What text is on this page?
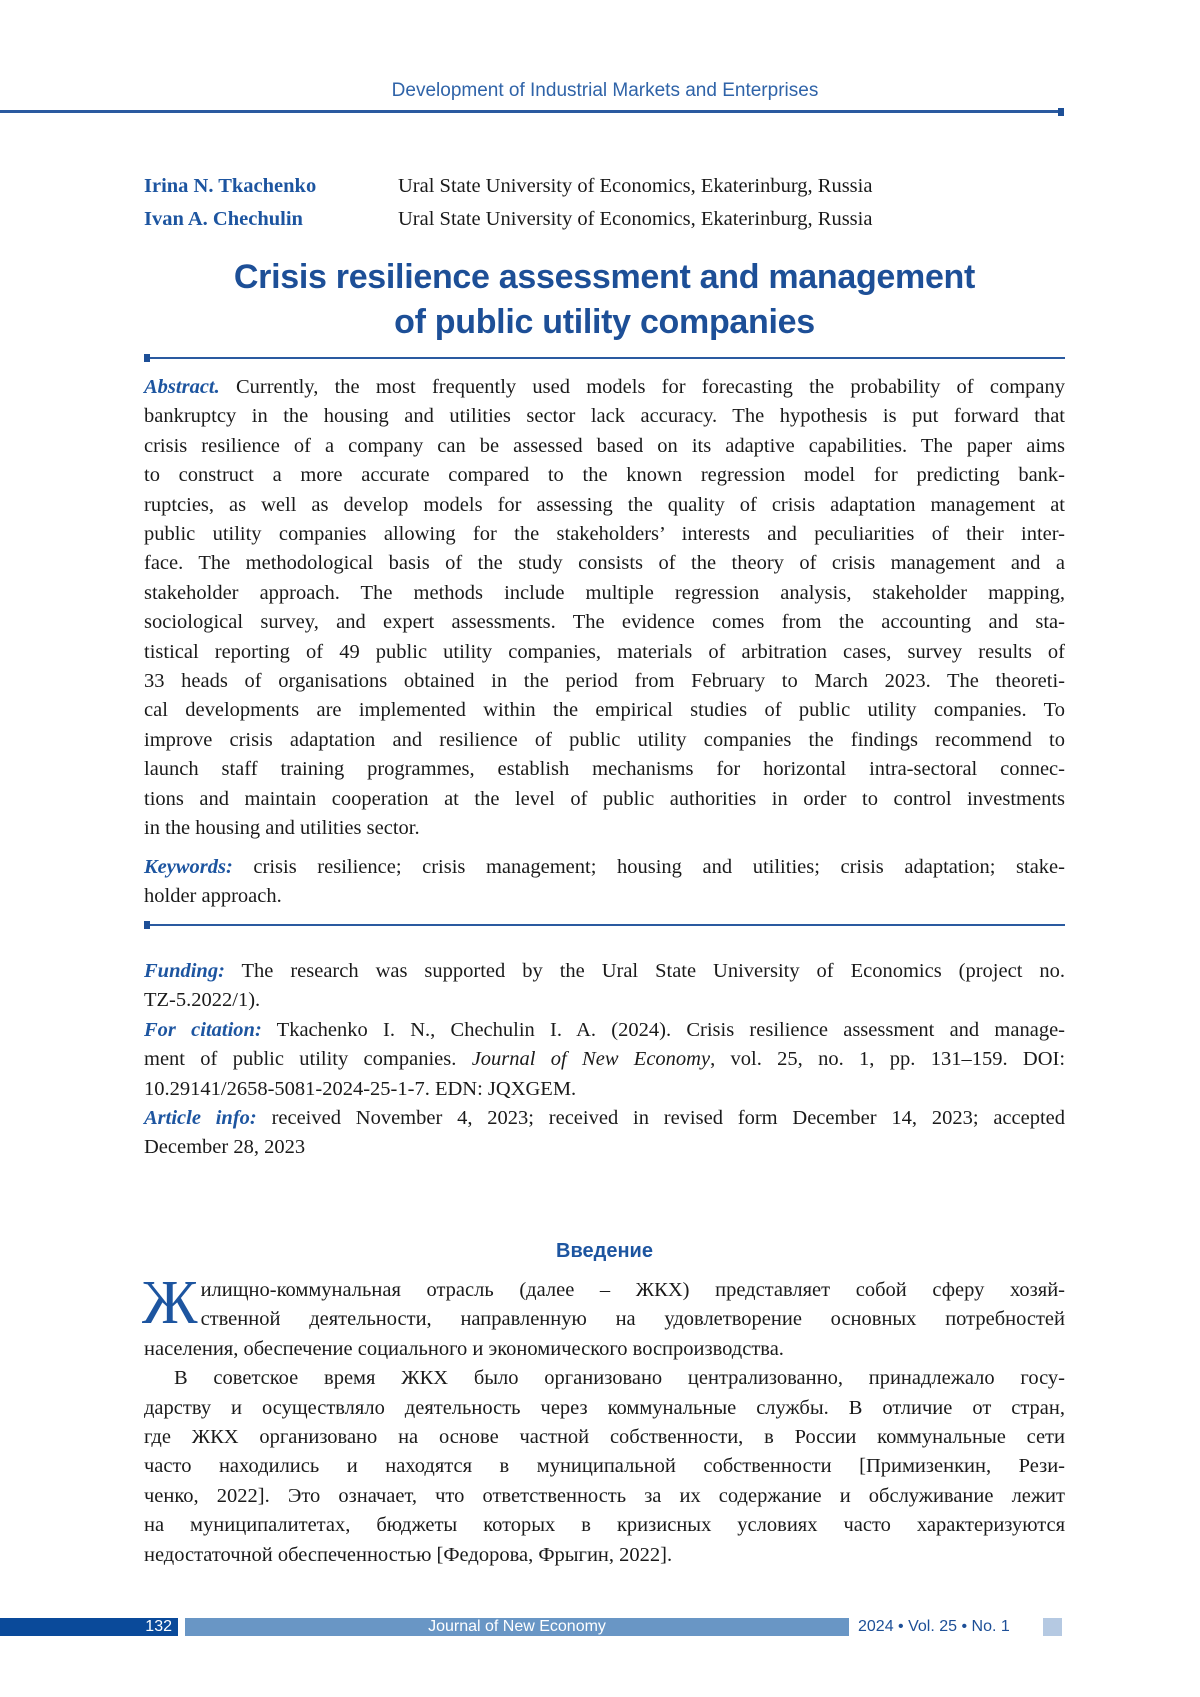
Development of Industrial Markets and Enterprises
Irina N. Tkachenko	Ural State University of Economics, Ekaterinburg, Russia
Ivan A. Chechulin	Ural State University of Economics, Ekaterinburg, Russia
Crisis resilience assessment and management
of public utility companies
Abstract. Currently, the most frequently used models for forecasting the probability of company
bankruptcy in the housing and utilities sector lack accuracy. The hypothesis is put forward that
crisis resilience of a company can be assessed based on its adaptive capabilities. The paper aims
to construct a more accurate compared to the known regression model for predicting bank-
ruptcies, as well as develop models for assessing the quality of crisis adaptation management at
public utility companies allowing for the stakeholders’ interests and peculiarities of their inter-
face. The methodological basis of the study consists of the theory of crisis management and a
stakeholder approach. The methods include multiple regression analysis, stakeholder mapping,
sociological survey, and expert assessments. The evidence comes from the accounting and sta-
tistical reporting of 49 public utility companies, materials of arbitration cases, survey results of
33 heads of organisations obtained in the period from February to March 2023. The theoreti-
cal developments are implemented within the empirical studies of public utility companies. To
improve crisis adaptation and resilience of public utility companies the findings recommend to
launch staff training programmes, establish mechanisms for horizontal intra-sectoral connec-
tions and maintain cooperation at the level of public authorities in order to control investments
in the housing and utilities sector.
Keywords: crisis resilience; crisis management; housing and utilities; crisis adaptation; stake-
holder approach.
Funding: The research was supported by the Ural State University of Economics (project no.
TZ-5.2022/1).
For citation: Tkachenko I. N., Chechulin I. A. (2024). Crisis resilience assessment and manage-
ment of public utility companies. Journal of New Economy, vol. 25, no. 1, pp. 131–159. DOI:
10.29141/2658-5081-2024-25-1-7. EDN: JQXGEM.
Article info: received November 4, 2023; received in revised form December 14, 2023; accepted
December 28, 2023
Введение
Ж илищно-коммунальная отрасль (далее – ЖКХ) представляет собой сферу хозяй-
ственной деятельности, направленную на удовлетворение основных потребностей
населения, обеспечение социального и экономического воспроизводства.
В советское время ЖКХ было организовано централизованно, принадлежало госу-
дарству и осуществляло деятельность через коммунальные службы. В отличие от стран,
где ЖКХ организовано на основе частной собственности, в России коммунальные сети
часто находились и находятся в муниципальной собственности [Примизенкин, Рези-
ченко, 2022]. Это означает, что ответственность за их содержание и обслуживание лежит
на муниципалитетах, бюджеты которых в кризисных условиях часто характеризуются
недостаточной обеспеченностью [Федорова, Фрыгин, 2022].
132	Journal of New Economy	2024 • Vol. 25 • No. 1
